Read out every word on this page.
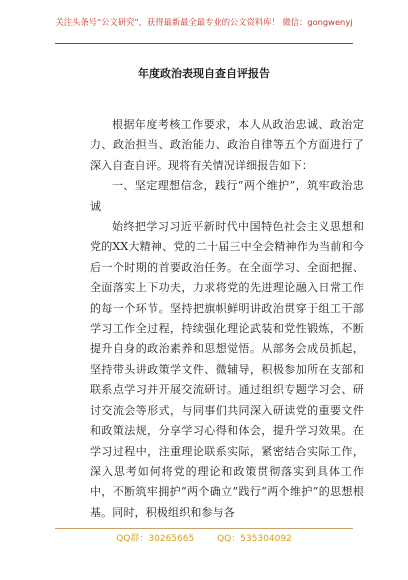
关注头条号“公文研究”，获得最新最全最专业的公文资料库！ 微信：gongwenyj
年度政治表现自查自评报告

根据年度考核工作要求，本人从政治忠诚、政治定力、政治担当、政治能力、政治自律等五个方面进行了深入自查自评。现将有关情况详细报告如下：

一、坚定理想信念，践行“两个维护”，筑牢政治忠诚

始终把学习习近平新时代中国特色社会主义思想和党的XX大精神、党的二十届三中全会精神作为当前和今后一个时期的首要政治任务。在全面学习、全面把握、全面落实上下功夫，力求将党的先进理论融入日常工作的每一个环节。坚持把旗帜鲜明讲政治贯穿于组工干部学习工作全过程，持续强化理论武装和党性锻炼，不断提升自身的政治素养和思想觉悟。从部务会成员抓起，坚持带头讲政策学文件、微辅导，积极参加所在支部和联系点学习并开展交流研讨。通过组织专题学习会、研讨交流会等形式，与同事们共同深入研读党的重要文件和政策法规，分享学习心得和体会，提升学习效果。在学习过程中，注重理论联系实际，紧密结合实际工作，深入思考如何将党的理论和政策贯彻落实到具体工作中，不断筑牢拥护“两个确立”践行“两个维护”的思想根基。同时，积极组织和参与各

QQ群：30265665	QQ：535304092
